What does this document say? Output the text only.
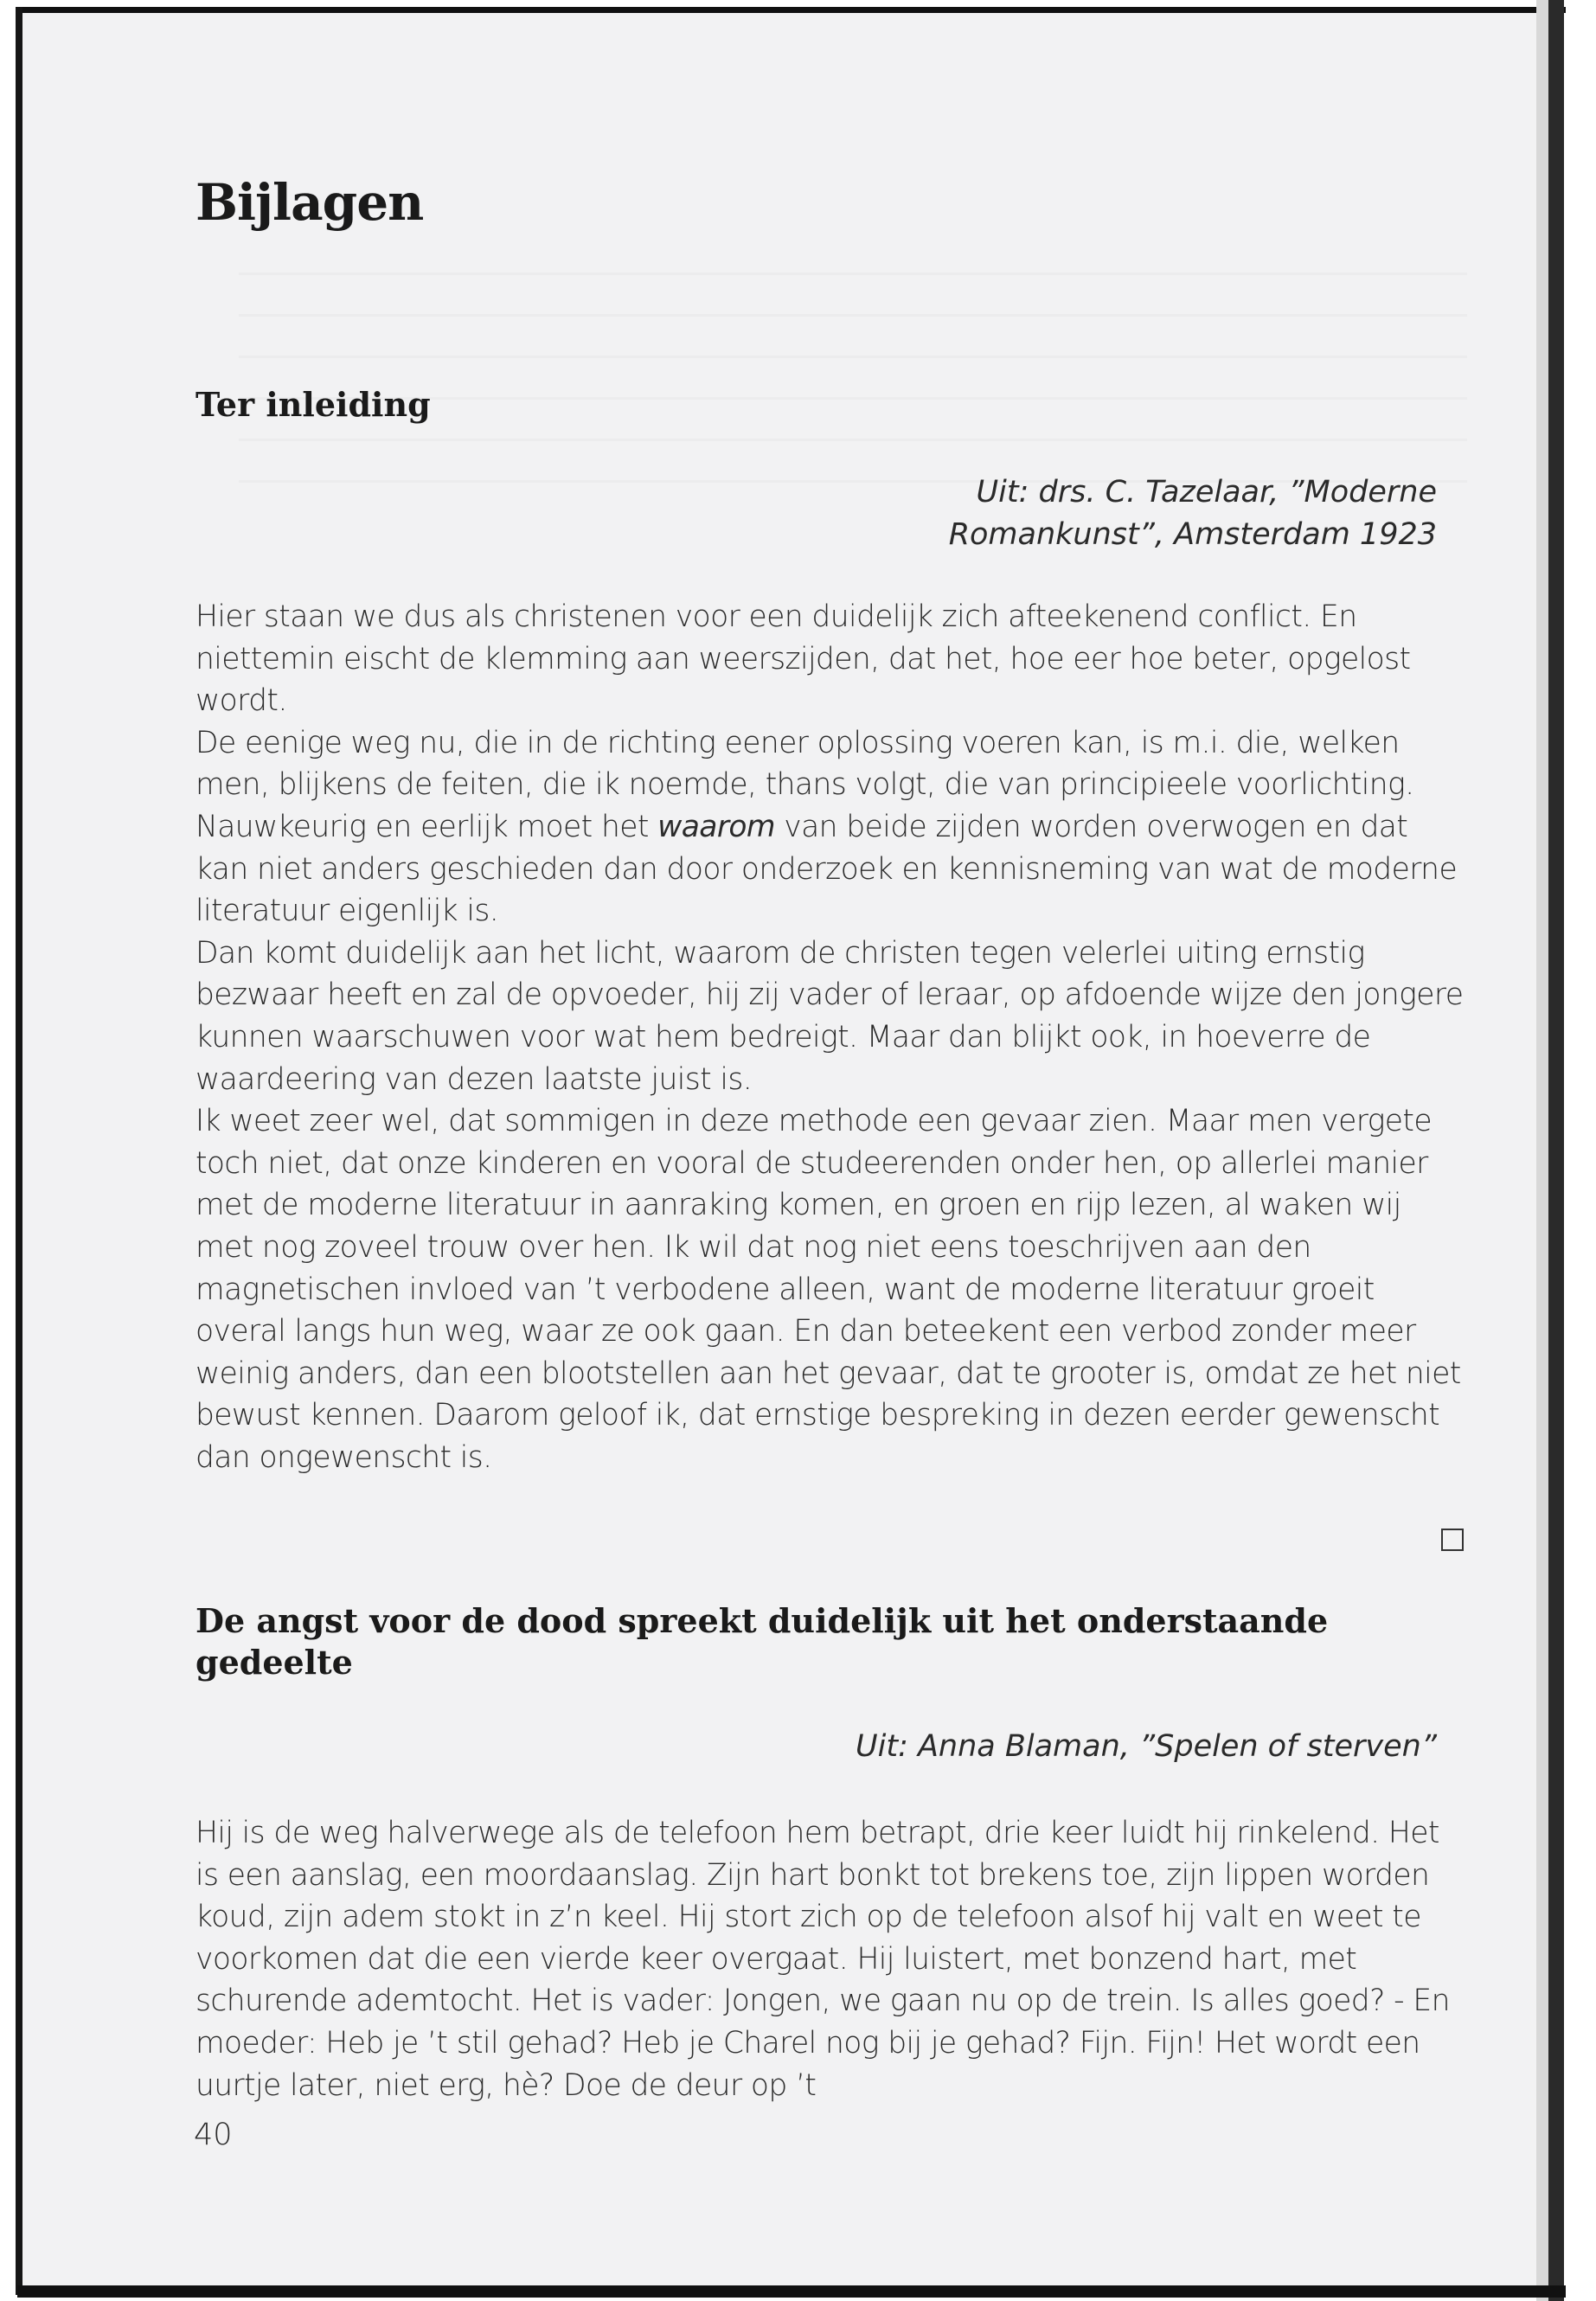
Bijlagen
Ter inleiding
Uit: drs. C. Tazelaar, ”Moderne
Romankunst”, Amsterdam 1923

Hier staan we dus als christenen voor een duidelijk zich afteekenend conflict. En niettemin eischt de klemming aan weerszijden, dat het, hoe eer hoe beter, opgelost wordt.

De eenige weg nu, die in de richting eener oplossing voeren kan, is m.i. die, welken men, blijkens de feiten, die ik noemde, thans volgt, die van principieele voorlichting.

Nauwkeurig en eerlijk moet het waarom van beide zijden worden overwogen en dat kan niet anders geschieden dan door onderzoek en kennisneming van wat de moderne literatuur eigenlijk is.

Dan komt duidelijk aan het licht, waarom de christen tegen velerlei uiting ernstig bezwaar heeft en zal de opvoeder, hij zij vader of leraar, op afdoende wijze den jongere kunnen waarschuwen voor wat hem bedreigt. Maar dan blijkt ook, in hoeverre de waardeering van dezen laatste juist is.

Ik weet zeer wel, dat sommigen in deze methode een gevaar zien. Maar men vergete toch niet, dat onze kinderen en vooral de studeerenden onder hen, op allerlei manier met de moderne literatuur in aanraking komen, en groen en rijp lezen, al waken wij met nog zoveel trouw over hen. Ik wil dat nog niet eens toeschrijven aan den magnetischen invloed van ’t verbodene alleen, want de moderne literatuur groeit overal langs hun weg, waar ze ook gaan. En dan beteekent een verbod zonder meer weinig anders, dan een blootstellen aan het gevaar, dat te grooter is, omdat ze het niet bewust kennen. Daarom geloof ik, dat ernstige bespreking in dezen eerder gewenscht dan ongewenscht is.

De angst voor de dood spreekt duidelijk uit het onderstaande gedeelte
Uit: Anna Blaman, ”Spelen of sterven”

Hij is de weg halverwege als de telefoon hem betrapt, drie keer luidt hij rinkelend. Het is een aanslag, een moordaanslag. Zijn hart bonkt tot brekens toe, zijn lippen worden koud, zijn adem stokt in z’n keel. Hij stort zich op de telefoon alsof hij valt en weet te voorkomen dat die een vierde keer overgaat. Hij luistert, met bonzend hart, met schurende ademtocht. Het is vader: Jongen, we gaan nu op de trein. Is alles goed? - En moeder: Heb je ’t stil gehad? Heb je Charel nog bij je gehad? Fijn. Fijn! Het wordt een uurtje later, niet erg, hè? Doe de deur op ’t

40
